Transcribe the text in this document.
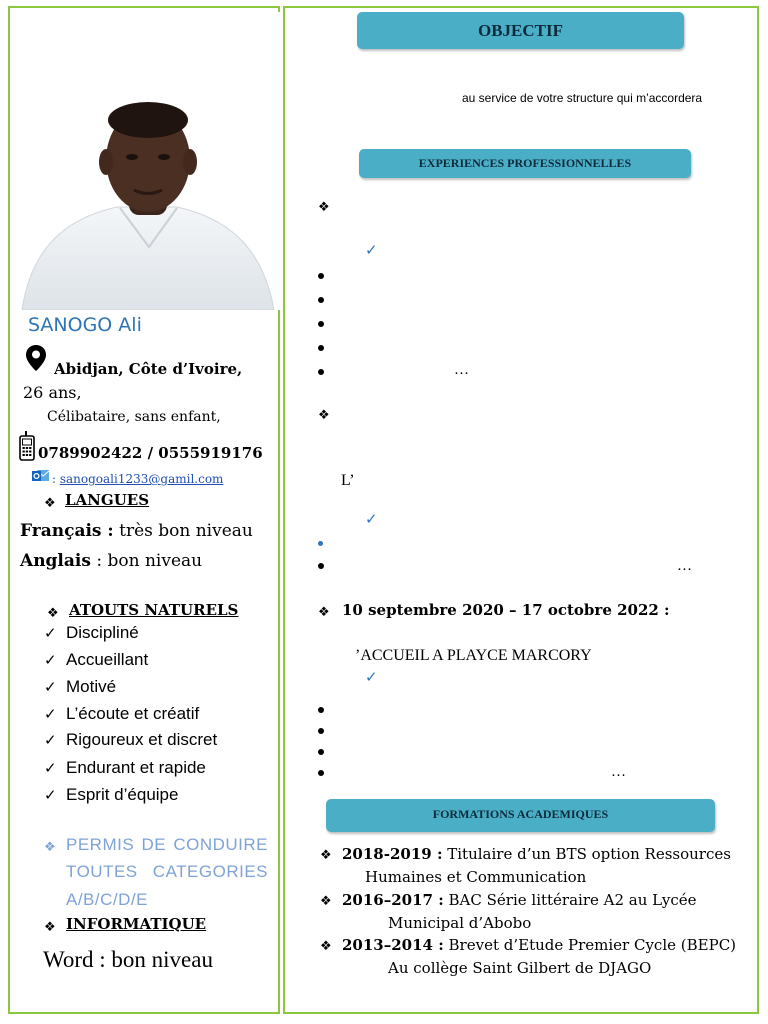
SANOGO Ali
Abidjan, Côte d’Ivoire,
26 ans,
Célibataire, sans enfant,
0789902422 / 0555919176
: sanogoali1233@gamil.com
❖ LANGUES
Français : très bon niveau
Anglais : bon niveau
❖ ATOUTS NATURELS
✓ Discipliné
✓ Accueillant
✓ Motivé
✓ L’écoute et créatif
✓ Rigoureux et discret
✓ Endurant et rapide
✓ Esprit d’équipe
❖ PERMIS DE CONDUIRE
TOUTES CATEGORIES
A/B/C/D/E
❖ INFORMATIQUE
Word : bon niveau
OBJECTIF
au service de votre structure qui m’accordera
EXPERIENCES PROFESSIONNELLES
❖
✓
…
❖
L’
✓
…
❖ 10 septembre 2020 – 17 octobre 2022 :
’ACCUEIL A PLAYCE MARCORY
✓
…
FORMATIONS ACADEMIQUES
❖ 2018-2019 : Titulaire d’un BTS option Ressources
Humaines et Communication
❖ 2016–2017 : BAC Série littéraire A2 au Lycée
Municipal d’Abobo
❖ 2013–2014 : Brevet d’Etude Premier Cycle (BEPC)
Au collège Saint Gilbert de DJAGO
